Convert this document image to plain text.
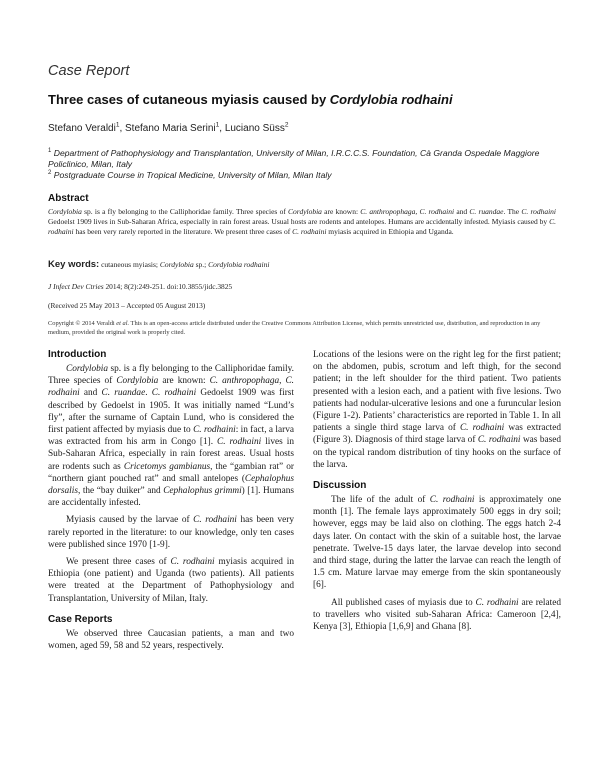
Case Report
Three cases of cutaneous myiasis caused by Cordylobia rodhaini
Stefano Veraldi$^1$, Stefano Maria Serini$^1$, Luciano Süss$^2$
$^1$ Department of Pathophysiology and Transplantation, University of Milan, I.R.C.C.S. Foundation, Cà Granda Ospedale Maggiore Policlinico, Milan, Italy
$^2$ Postgraduate Course in Tropical Medicine, University of Milan, Milan Italy
Abstract
Cordylobia sp. is a fly belonging to the Calliphoridae family. Three species of Cordylobia are known: C. anthropophaga, C. rodhaini and C. ruandae. The C. rodhaini Gedoelst 1909 lives in Sub-Saharan Africa, especially in rain forest areas. Usual hosts are rodents and antelopes. Humans are accidentally infested. Myiasis caused by C. rodhaini has been very rarely reported in the literature. We present three cases of C. rodhaini myiasis acquired in Ethiopia and Uganda.
Key words: cutaneous myiasis; Cordylobia sp.; Cordylobia rodhaini
J Infect Dev Ctries 2014; 8(2):249-251. doi:10.3855/jidc.3825
(Received 25 May 2013 – Accepted 05 August 2013)
Copyright © 2014 Veraldi et al. This is an open-access article distributed under the Creative Commons Attribution License, which permits unrestricted use, distribution, and reproduction in any medium, provided the original work is properly cited.
Introduction
Cordylobia sp. is a fly belonging to the Calliphoridae family. Three species of Cordylobia are known: C. anthropophaga, C. rodhaini and C. ruandae. C. rodhaini Gedoelst 1909 was first described by Gedoelst in 1905. It was initially named “Lund’s fly”, after the surname of Captain Lund, who is considered the first patient affected by myiasis due to C. rodhaini: in fact, a larva was extracted from his arm in Congo [1]. C. rodhaini lives in Sub-Saharan Africa, especially in rain forest areas. Usual hosts are rodents such as Cricetomys gambianus, the “gambian rat” or “northern giant pouched rat” and small antelopes (Cephalophus dorsalis, the “bay duiker” and Cephalophus grimmi) [1]. Humans are accidentally infested.
Myiasis caused by the larvae of C. rodhaini has been very rarely reported in the literature: to our knowledge, only ten cases were published since 1970 [1-9].
We present three cases of C. rodhaini myiasis acquired in Ethiopia (one patient) and Uganda (two patients). All patients were treated at the Department of Pathophysiology and Transplantation, University of Milan, Italy.
Case Reports
We observed three Caucasian patients, a man and two women, aged 59, 58 and 52 years, respectively.
Locations of the lesions were on the right leg for the first patient; on the abdomen, pubis, scrotum and left thigh, for the second patient; in the left shoulder for the third patient. Two patients presented with a lesion each, and a patient with five lesions. Two patients had nodular-ulcerative lesions and one a furuncular lesion (Figure 1-2). Patients’ characteristics are reported in Table 1. In all patients a single third stage larva of C. rodhaini was extracted (Figure 3). Diagnosis of third stage larva of C. rodhaini was based on the typical random distribution of tiny hooks on the surface of the larva.
Discussion
The life of the adult of C. rodhaini is approximately one month [1]. The female lays approximately 500 eggs in dry soil; however, eggs may be laid also on clothing. The eggs hatch 2-4 days later. On contact with the skin of a suitable host, the larvae penetrate. Twelve-15 days later, the larvae develop into second and third stage, during the latter the larvae can reach the length of 1.5 cm. Mature larvae may emerge from the skin spontaneously [6].
All published cases of myiasis due to C. rodhaini are related to travellers who visited sub-Saharan Africa: Cameroon [2,4], Kenya [3], Ethiopia [1,6,9] and Ghana [8].
